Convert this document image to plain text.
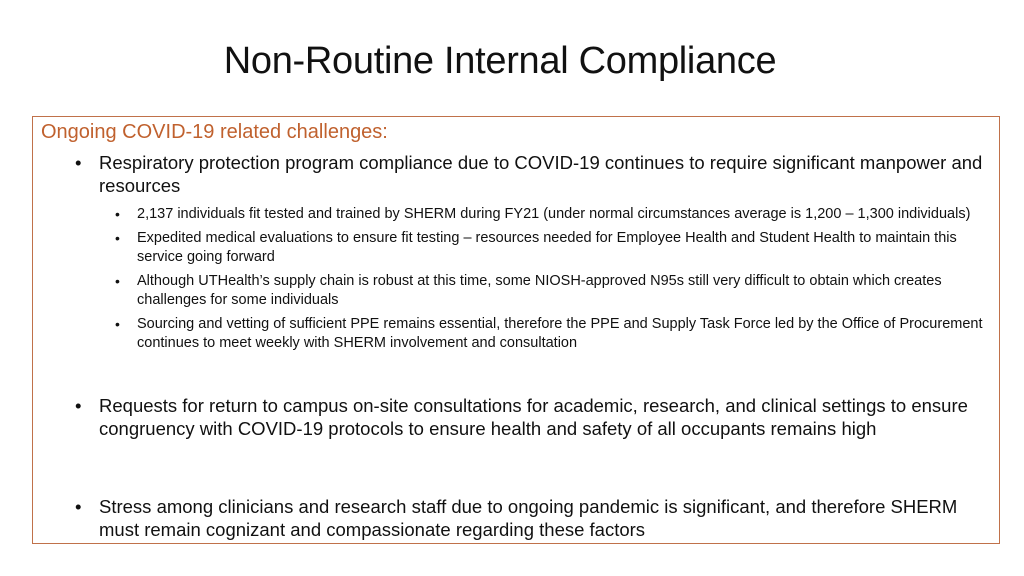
Non-Routine Internal Compliance
Ongoing COVID-19 related challenges:
• Respiratory protection program compliance due to COVID-19 continues to require significant manpower and resources
• 2,137 individuals fit tested and trained by SHERM during FY21 (under normal circumstances average is 1,200 – 1,300 individuals)
• Expedited medical evaluations to ensure fit testing – resources needed for Employee Health and Student Health to maintain this service going forward
• Although UTHealth’s supply chain is robust at this time, some NIOSH-approved N95s still very difficult to obtain which creates challenges for some individuals
• Sourcing and vetting of sufficient PPE remains essential, therefore the PPE and Supply Task Force led by the Office of Procurement continues to meet weekly with SHERM involvement and consultation
• Requests for return to campus on-site consultations for academic, research, and clinical settings to ensure congruency with COVID-19 protocols to ensure health and safety of all occupants remains high
• Stress among clinicians and research staff due to ongoing pandemic is significant, and therefore SHERM must remain cognizant and compassionate regarding these factors
